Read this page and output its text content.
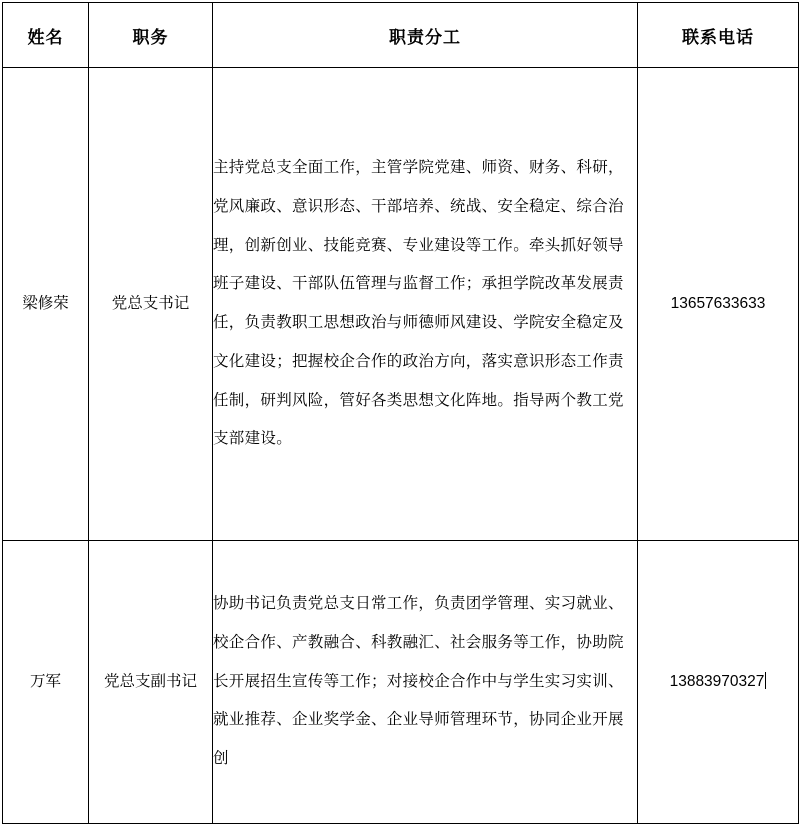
姓名	职务	职责分工	联系电话
梁修荣	党总支书记	主持党总支全面工作，主管学院党建、师资、财务、科研，党风廉政、意识形态、干部培养、统战、安全稳定、综合治理，创新创业、技能竞赛、专业建设等工作。牵头抓好领导班子建设、干部队伍管理与监督工作；承担学院改革发展责任，负责教职工思想政治与师德师风建设、学院安全稳定及文化建设；把握校企合作的政治方向，落实意识形态工作责任制，研判风险，管好各类思想文化阵地。指导两个教工党支部建设。	13657633633
万军	党总支副书记	协助书记负责党总支日常工作，负责团学管理、实习就业、校企合作、产教融合、科教融汇、社会服务等工作，协助院长开展招生宣传等工作；对接校企合作中与学生实习实训、就业推荐、企业奖学金、企业导师管理环节，协同企业开展创	13883970327
